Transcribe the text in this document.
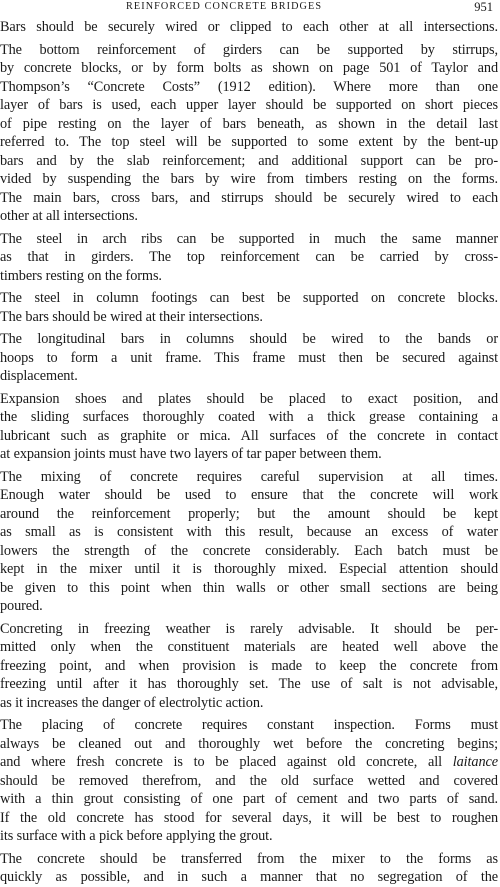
REINFORCED CONCRETE BRIDGES	951
Bars should be securely wired or clipped to each other at all intersections.
The bottom reinforcement of girders can be supported by stirrups,
by concrete blocks, or by form bolts as shown on page 501 of Taylor and
Thompson’s “Concrete Costs” (1912 edition). Where more than one
layer of bars is used, each upper layer should be supported on short pieces
of pipe resting on the layer of bars beneath, as shown in the detail last
referred to. The top steel will be supported to some extent by the bent-up
bars and by the slab reinforcement; and additional support can be pro-
vided by suspending the bars by wire from timbers resting on the forms.
The main bars, cross bars, and stirrups should be securely wired to each
other at all intersections.
The steel in arch ribs can be supported in much the same manner
as that in girders. The top reinforcement can be carried by cross-
timbers resting on the forms.
The steel in column footings can best be supported on concrete blocks.
The bars should be wired at their intersections.
The longitudinal bars in columns should be wired to the bands or
hoops to form a unit frame. This frame must then be secured against
displacement.
Expansion shoes and plates should be placed to exact position, and
the sliding surfaces thoroughly coated with a thick grease containing a
lubricant such as graphite or mica. All surfaces of the concrete in contact
at expansion joints must have two layers of tar paper between them.
The mixing of concrete requires careful supervision at all times.
Enough water should be used to ensure that the concrete will work
around the reinforcement properly; but the amount should be kept
as small as is consistent with this result, because an excess of water
lowers the strength of the concrete considerably. Each batch must be
kept in the mixer until it is thoroughly mixed. Especial attention should
be given to this point when thin walls or other small sections are being
poured.
Concreting in freezing weather is rarely advisable. It should be per-
mitted only when the constituent materials are heated well above the
freezing point, and when provision is made to keep the concrete from
freezing until after it has thoroughly set. The use of salt is not advisable,
as it increases the danger of electrolytic action.
The placing of concrete requires constant inspection. Forms must
always be cleaned out and thoroughly wet before the concreting begins;
and where fresh concrete is to be placed against old concrete, all laitance
should be removed therefrom, and the old surface wetted and covered
with a thin grout consisting of one part of cement and two parts of sand.
If the old concrete has stood for several days, it will be best to roughen
its surface with a pick before applying the grout.
The concrete should be transferred from the mixer to the forms as
quickly as possible, and in such a manner that no segregation of the
